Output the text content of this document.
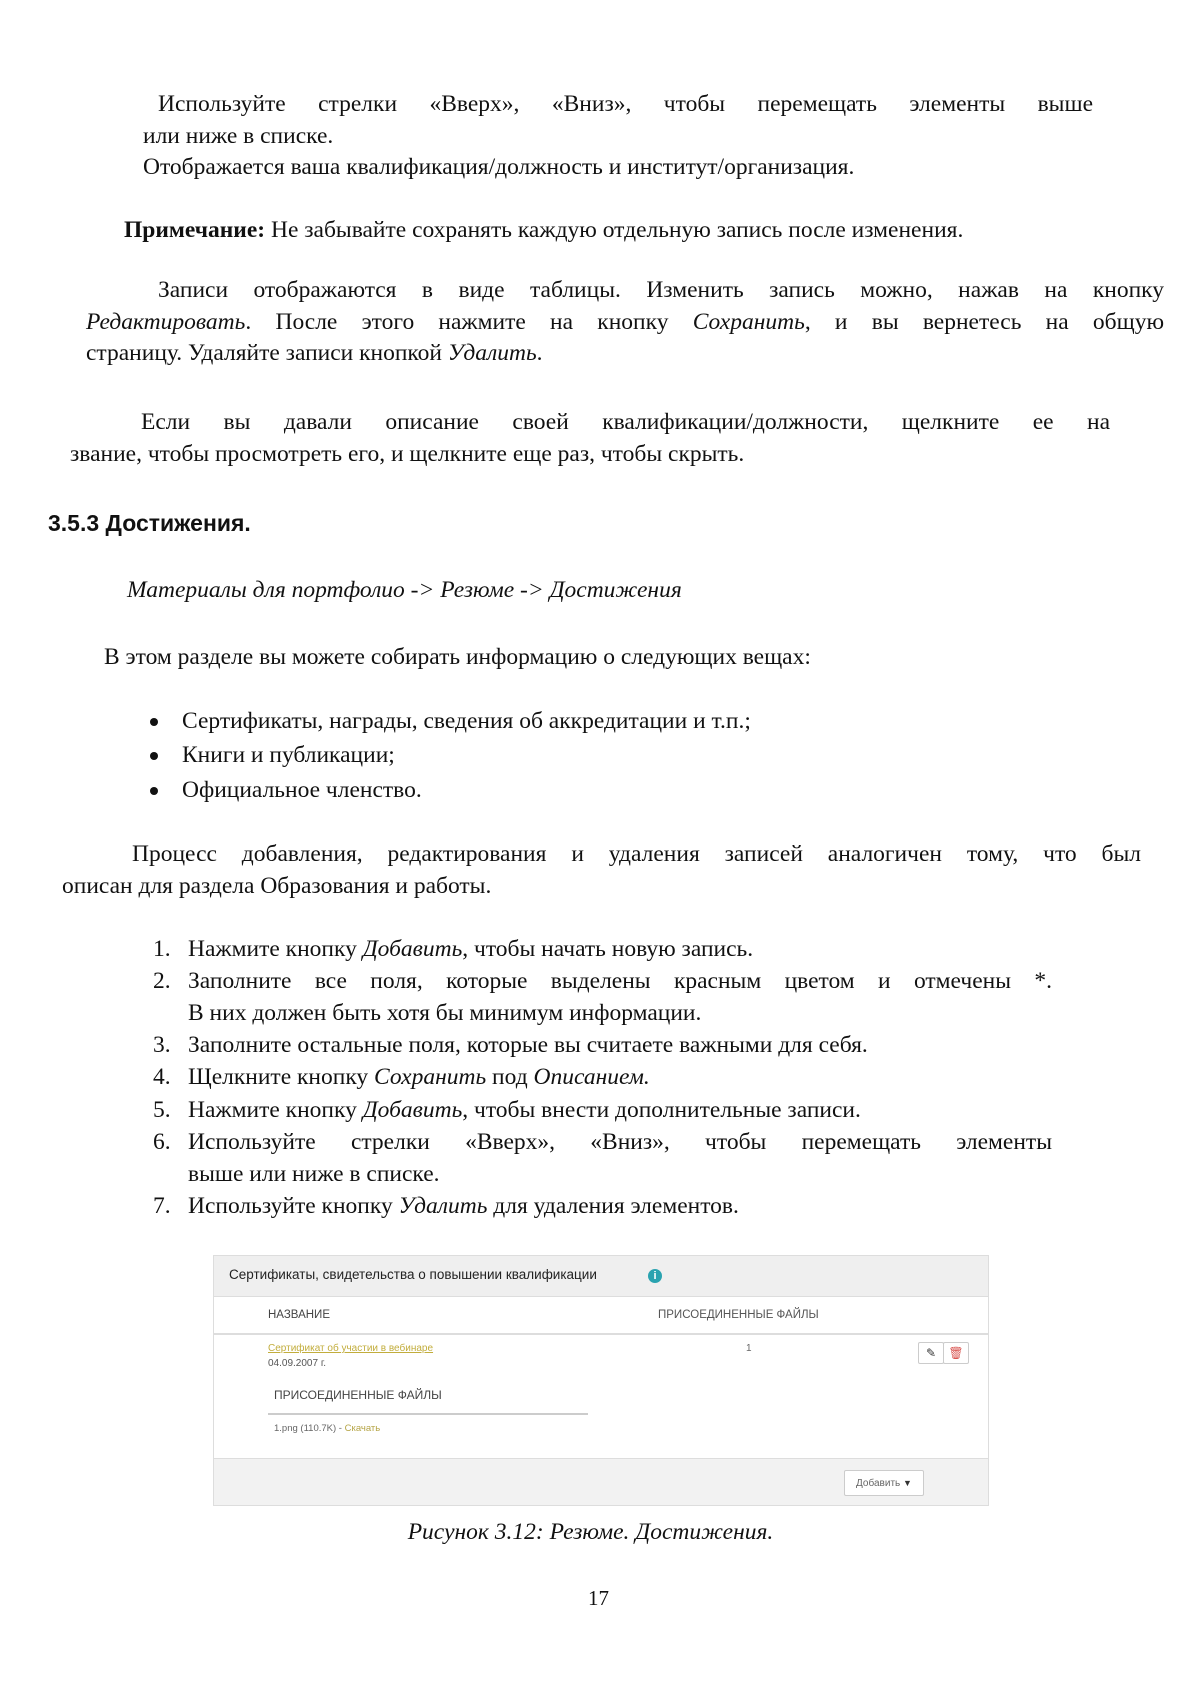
Используйте стрелки «Вверх», «Вниз», чтобы перемещать элементы выше
или ниже в списке.
Отображается ваша квалификация/должность и институт/организация.
Примечание: Не забывайте сохранять каждую отдельную запись после изменения.
Записи отображаются в виде таблицы. Изменить запись можно, нажав на кнопку
Редактировать. После этого нажмите на кнопку Сохранить, и вы вернетесь на общую
страницу. Удаляйте записи кнопкой Удалить.
Если вы давали описание своей квалификации/должности, щелкните ее на
звание, чтобы просмотреть его, и щелкните еще раз, чтобы скрыть.
3.5.3 Достижения.
Материалы для портфолио -> Резюме -> Достижения
В этом разделе вы можете собирать информацию о следующих вещах:
Сертификаты, награды, сведения об аккредитации и т.п.;
Книги и публикации;
Официальное членство.
Процесс добавления, редактирования и удаления записей аналогичен тому, что был
описан для раздела Образования и работы.
1. Нажмите кнопку Добавить, чтобы начать новую запись.
2. Заполните все поля, которые выделены красным цветом и отмечены *.
В них должен быть хотя бы минимум информации.
3. Заполните остальные поля, которые вы считаете важными для себя.
4. Щелкните кнопку Сохранить под Описанием.
5. Нажмите кнопку Добавить, чтобы внести дополнительные записи.
6. Используйте стрелки «Вверх», «Вниз», чтобы перемещать элементы
выше или ниже в списке.
7. Используйте кнопку Удалить для удаления элементов.
Сертификаты, свидетельства о повышении квалификации	i
НАЗВАНИЕ	ПРИСОЕДИНЕННЫЕ ФАЙЛЫ
Сертификат об участии в вебинаре
04.09.2007 г.
1	✎	🗑
ПРИСОЕДИНЕННЫЕ ФАЙЛЫ
1.png (110.7K) - Скачать
Добавить ▼
Рисунок 3.12: Резюме. Достижения.
17
